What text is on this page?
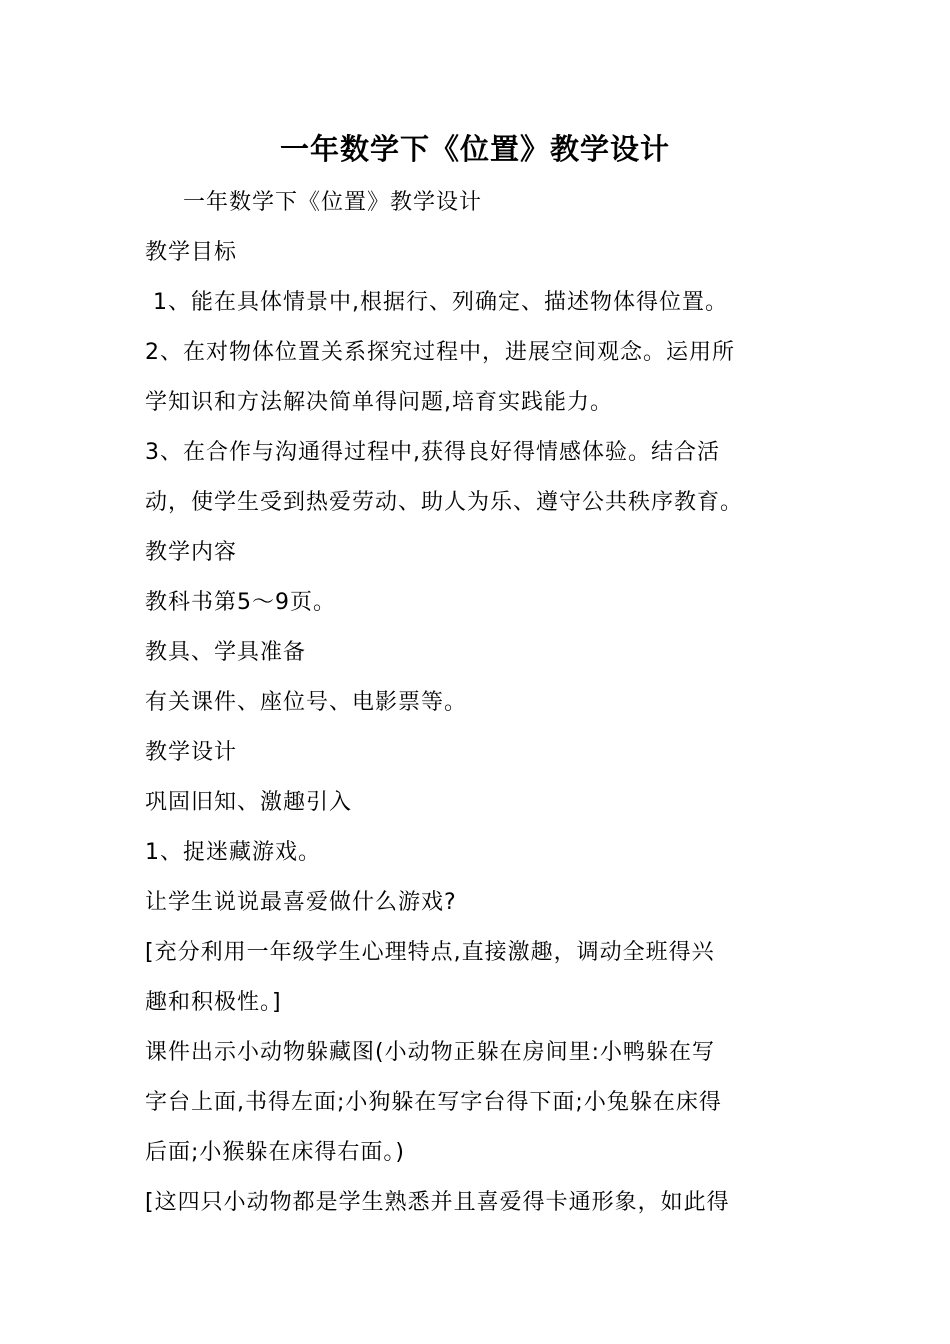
一年数学下《位置》教学设计
一年数学下《位置》教学设计
教学目标
1、能在具体情景中,根据行、列确定、描述物体得位置。
2、在对物体位置关系探究过程中，进展空间观念。运用所
学知识和方法解决简单得问题,培育实践能力。
3、在合作与沟通得过程中,获得良好得情感体验。结合活
动，使学生受到热爱劳动、助人为乐、遵守公共秩序教育。
教学内容
教科书第5～9页。
教具、学具准备
有关课件、座位号、电影票等。
教学设计
巩固旧知、激趣引入
1、捉迷藏游戏。
让学生说说最喜爱做什么游戏?
[充分利用一年级学生心理特点,直接激趣，调动全班得兴
趣和积极性。]
课件出示小动物躲藏图(小动物正躲在房间里:小鸭躲在写
字台上面,书得左面;小狗躲在写字台得下面;小兔躲在床得
后面;小猴躲在床得右面。)
[这四只小动物都是学生熟悉并且喜爱得卡通形象，如此得
